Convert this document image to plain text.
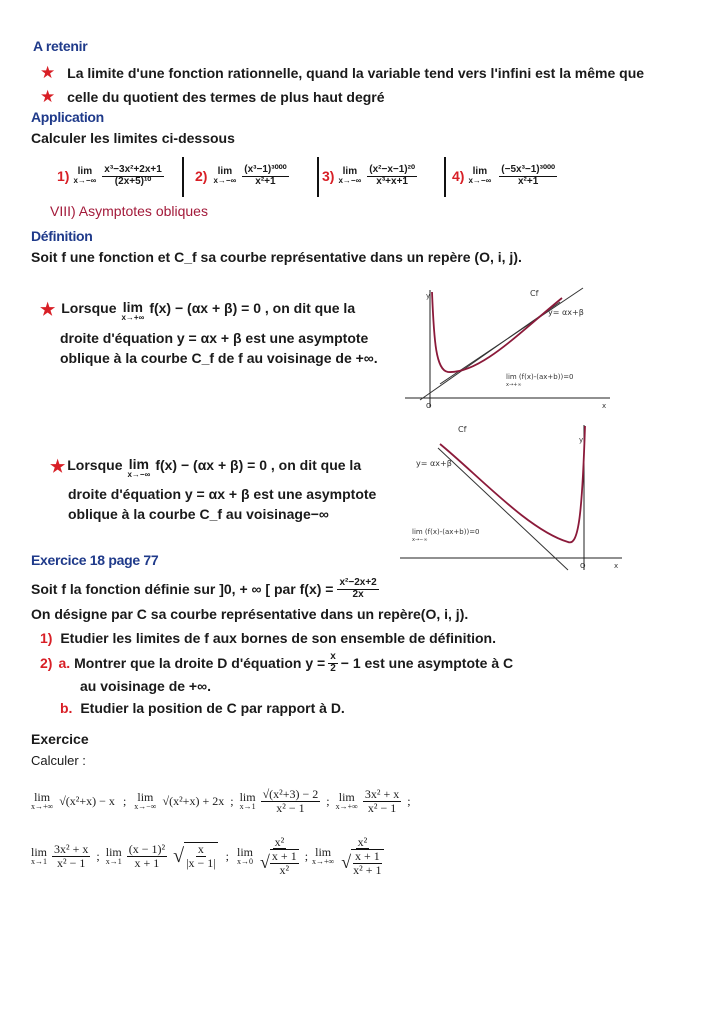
A retenir
★ La limite d'une fonction rationnelle, quand la variable tend vers l'infini est la même que
★ celle du quotient des termes de plus haut degré
Application
Calculer les limites ci-dessous
1) lim
x→−∞
x³−3x²+2x+1
(2x+5)¹⁰	2) lim
x→−∞
(x³−1)³⁰⁰⁰
x²+1	3) lim
x→−∞
(x²−x−1)²⁰
x³+x+1	4) lim
x→−∞
(−5x³−1)³⁰⁰⁰
x²+1
VIII) Asymptotes obliques
Définition
Soit f une fonction et C_f sa courbe représentative dans un repère (O, i, j).
★ Lorsque lim
x→+∞
f(x) − (αx + β) = 0 , on dit que la
droite d'équation y = αx + β est une asymptote
oblique à la courbe C_f de f au voisinage de +∞.
Cf
y= αx+β
lim (f(x)-(ax+b))=0
x→+∞
y
O	x
★ Lorsque lim
x→−∞
f(x) − (αx + β) = 0 , on dit que la
droite d'équation y = αx + β est une asymptote
oblique à la courbe C_f au voisinage−∞
Cf
y= αx+β
lim (f(x)-(ax+b))=0
x→−∞
y
O	x
Exercice 18 page 77
Soit f la fonction définie sur ]0, + ∞ [ par $f(x) = \frac{\text{x²−2x+2}}{2x}$
On désigne par C sa courbe représentative dans un repère(O, i, j).
1) Etudier les limites de f aux bornes de son ensemble de définition.
2) a. Montrer que la droite D d'équation $y = \frac{x}{2} - 1$ est une asymptote à C
au voisinage de +∞.
b. Etudier la position de C par rapport à D.
Exercice
Calculer :
lim
x→+∞ √(x²+x) − x ; lim
x→−∞ √(x²+x) + 2x ; lim
x→1
√(x²+3) − 2
x² − 1 ; lim
x→+∞
3x² + x
x² − 1 ;
lim
x→1
3x² + x
x² − 1 ; lim
x→1
(x − 1)²
x + 1 √ x
|x − 1|
; lim
x→0
x²
√ x + 1
x²
; lim
x→+∞
x²
√ x + 1
x² + 1
